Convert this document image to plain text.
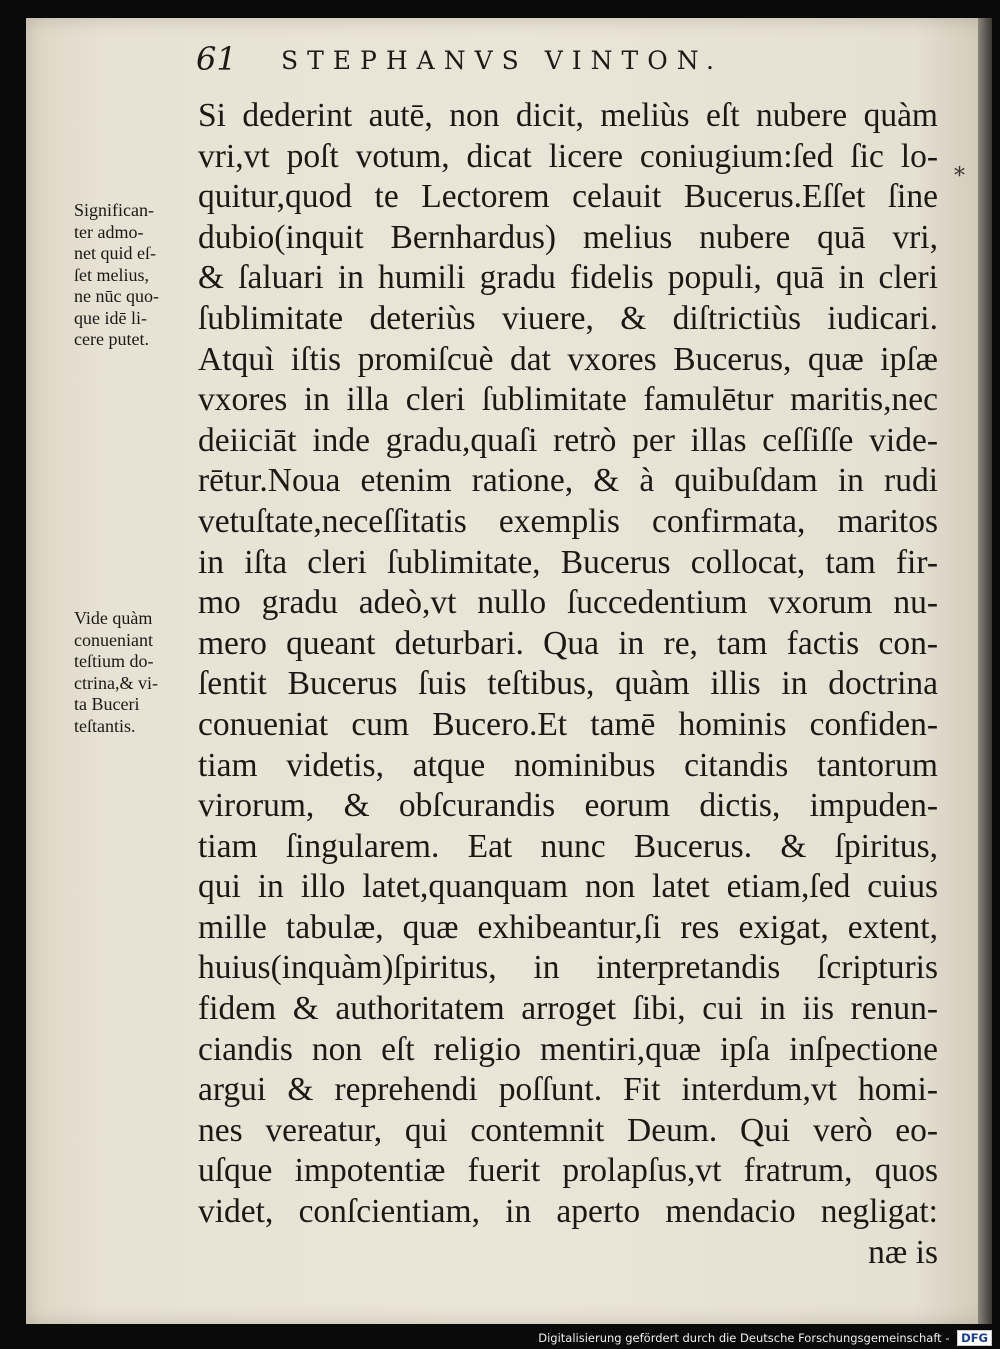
61 STEPHANVS VINTON.
Significan-
ter admo-
net quid eſ-
ſet melius,
ne nūc quo-
que idē li-
cere putet.
Vide quàm
conueniant
teſtium do-
ctrina,& vi-
ta Buceri
teſtantis.
*
Si dederint autē, non dicit, meliùs eſt nubere quàm
vri,vt poſt votum, dicat licere coniugium:ſed ſic lo-
quitur,quod te Lectorem celauit Bucerus.Eſſet ſine
dubio(inquit Bernhardus) melius nubere quā vri,
& ſaluari in humili gradu fidelis populi, quā in cleri
ſublimitate deteriùs viuere, & diſtrictiùs iudicari.
Atquì iſtis promiſcuè dat vxores Bucerus, quæ ipſæ
vxores in illa cleri ſublimitate famulētur maritis,nec
deiiciāt inde gradu,quaſi retrò per illas ceſſiſſe vide-
rētur.Noua etenim ratione, & à quibuſdam in rudi
vetuſtate,neceſſitatis exemplis confirmata, maritos
in iſta cleri ſublimitate, Bucerus collocat, tam fir-
mo gradu adeò,vt nullo ſuccedentium vxorum nu-
mero queant deturbari. Qua in re, tam factis con-
ſentit Bucerus ſuis teſtibus, quàm illis in doctrina
conueniat cum Bucero.Et tamē hominis confiden-
tiam videtis, atque nominibus citandis tantorum
virorum, & obſcurandis eorum dictis, impuden-
tiam ſingularem. Eat nunc Bucerus. & ſpiritus,
qui in illo latet,quanquam non latet etiam,ſed cuius
mille tabulæ, quæ exhibeantur,ſi res exigat, extent,
huius(inquàm)ſpiritus, in interpretandis ſcripturis
fidem & authoritatem arroget ſibi, cui in iis renun-
ciandis non eſt religio mentiri,quæ ipſa inſpectione
argui & reprehendi poſſunt. Fit interdum,vt homi-
nes vereatur, qui contemnit Deum. Qui verò eo-
uſque impotentiæ fuerit prolapſus,vt fratrum, quos
videt, conſcientiam, in aperto mendacio negligat:
næ is
Digitalisierung gefördert durch die Deutsche Forschungsgemeinschaft - DFG
